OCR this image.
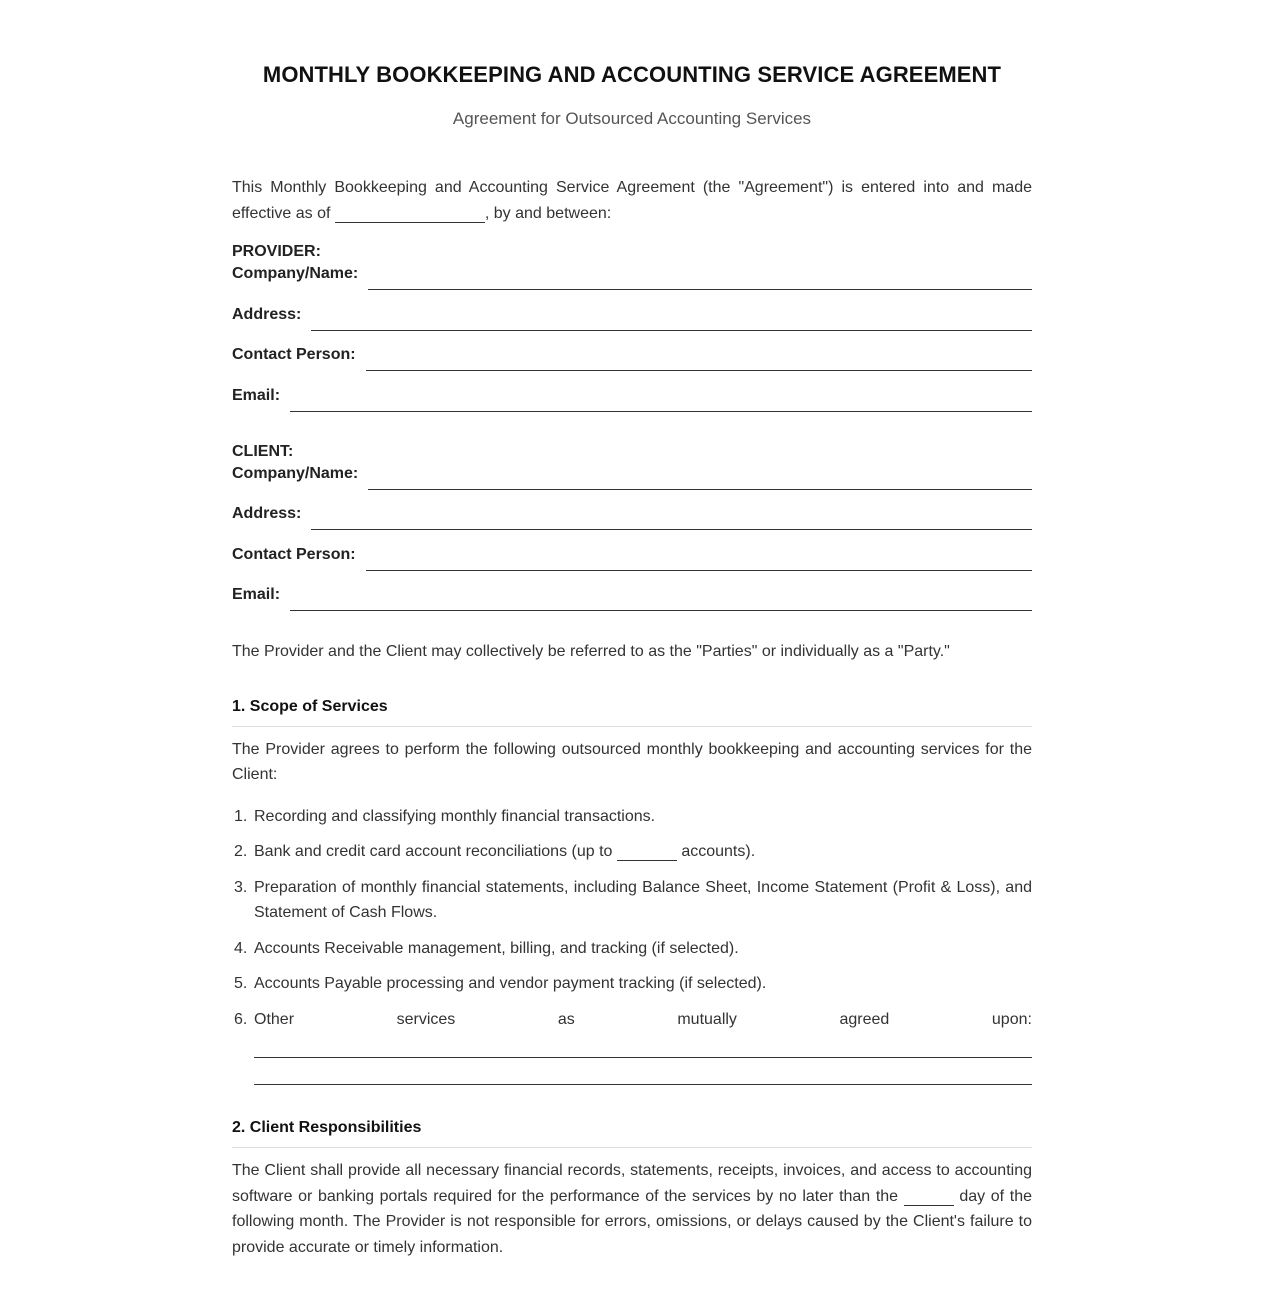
MONTHLY BOOKKEEPING AND ACCOUNTING SERVICE AGREEMENT
Agreement for Outsourced Accounting Services
This Monthly Bookkeeping and Accounting Service Agreement (the "Agreement") is entered into and made effective as of	, by and between:
PROVIDER:
Company/Name:
Address:
Contact Person:
Email:
CLIENT:
Company/Name:
Address:
Contact Person:
Email:
The Provider and the Client may collectively be referred to as the "Parties" or individually as a "Party."
1. Scope of Services
The Provider agrees to perform the following outsourced monthly bookkeeping and accounting services for the Client:
1. Recording and classifying monthly financial transactions.
2. Bank and credit card account reconciliations (up to	accounts).
3. Preparation of monthly financial statements, including Balance Sheet, Income Statement (Profit & Loss), and Statement of Cash Flows.
4. Accounts Receivable management, billing, and tracking (if selected).
5. Accounts Payable processing and vendor payment tracking (if selected).
6. Other	services	as	mutually	agreed	upon:
2. Client Responsibilities
The Client shall provide all necessary financial records, statements, receipts, invoices, and access to accounting software or banking portals required for the performance of the services by no later than the	day of the following month. The Provider is not responsible for errors, omissions, or delays caused by the Client's failure to provide accurate or timely information.
